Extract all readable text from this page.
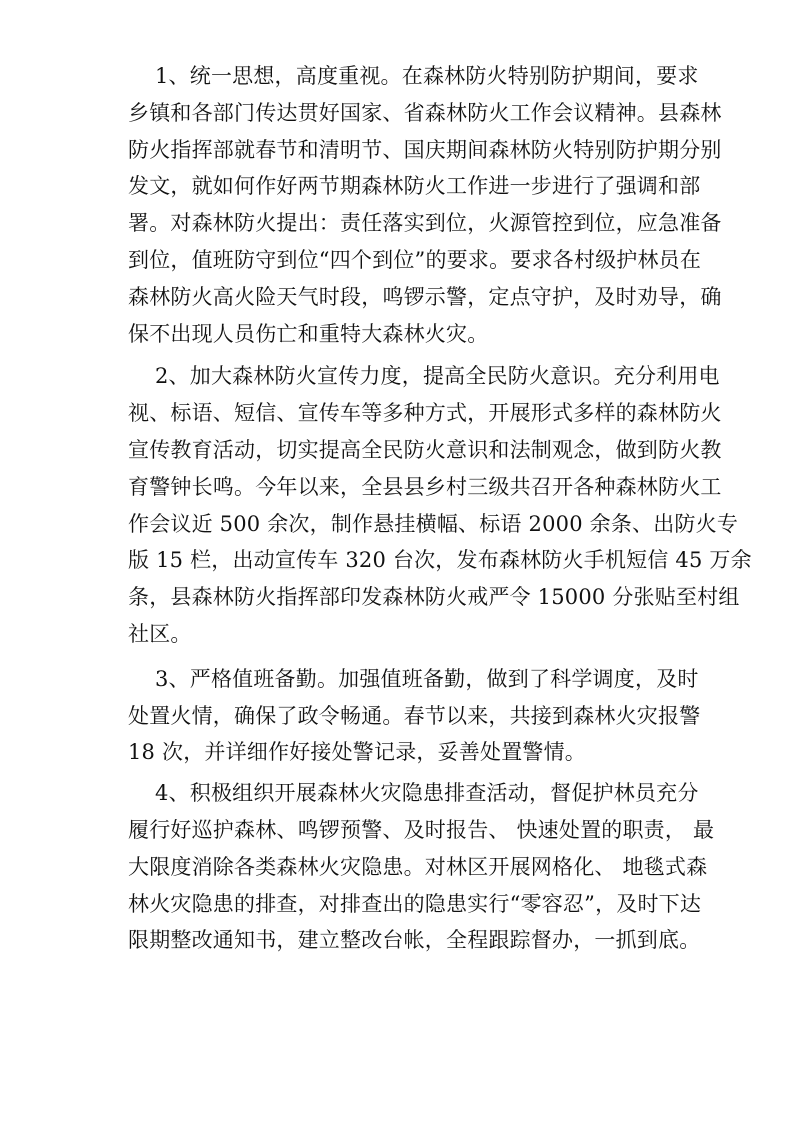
1、统一思想，高度重视。在森林防火特别防护期间，要求
乡镇和各部门传达贯好国家、省森林防火工作会议精神。县森林
防火指挥部就春节和清明节、国庆期间森林防火特别防护期分别
发文，就如何作好两节期森林防火工作进一步进行了强调和部
署。对森林防火提出：责任落实到位，火源管控到位，应急准备
到位，值班防守到位“四个到位”的要求。要求各村级护林员在
森林防火高火险天气时段，鸣锣示警，定点守护，及时劝导，确
保不出现人员伤亡和重特大森林火灾。
2、加大森林防火宣传力度，提高全民防火意识。充分利用电
视、标语、短信、宣传车等多种方式，开展形式多样的森林防火
宣传教育活动，切实提高全民防火意识和法制观念，做到防火教
育警钟长鸣。今年以来，全县县乡村三级共召开各种森林防火工
作会议近 500 余次，制作悬挂横幅、标语 2000 余条、出防火专
版 15 栏，出动宣传车 320 台次，发布森林防火手机短信 45 万余
条，县森林防火指挥部印发森林防火戒严令 15000 分张贴至村组
社区。
3、严格值班备勤。加强值班备勤，做到了科学调度，及时
处置火情，确保了政令畅通。春节以来，共接到森林火灾报警
18 次，并详细作好接处警记录，妥善处置警情。
4、积极组织开展森林火灾隐患排查活动，督促护林员充分
履行好巡护森林、鸣锣预警、及时报告、 快速处置的职责， 最
大限度消除各类森林火灾隐患。对林区开展网格化、 地毯式森
林火灾隐患的排查，对排查出的隐患实行“零容忍”，及时下达
限期整改通知书，建立整改台帐，全程跟踪督办，一抓到底。
